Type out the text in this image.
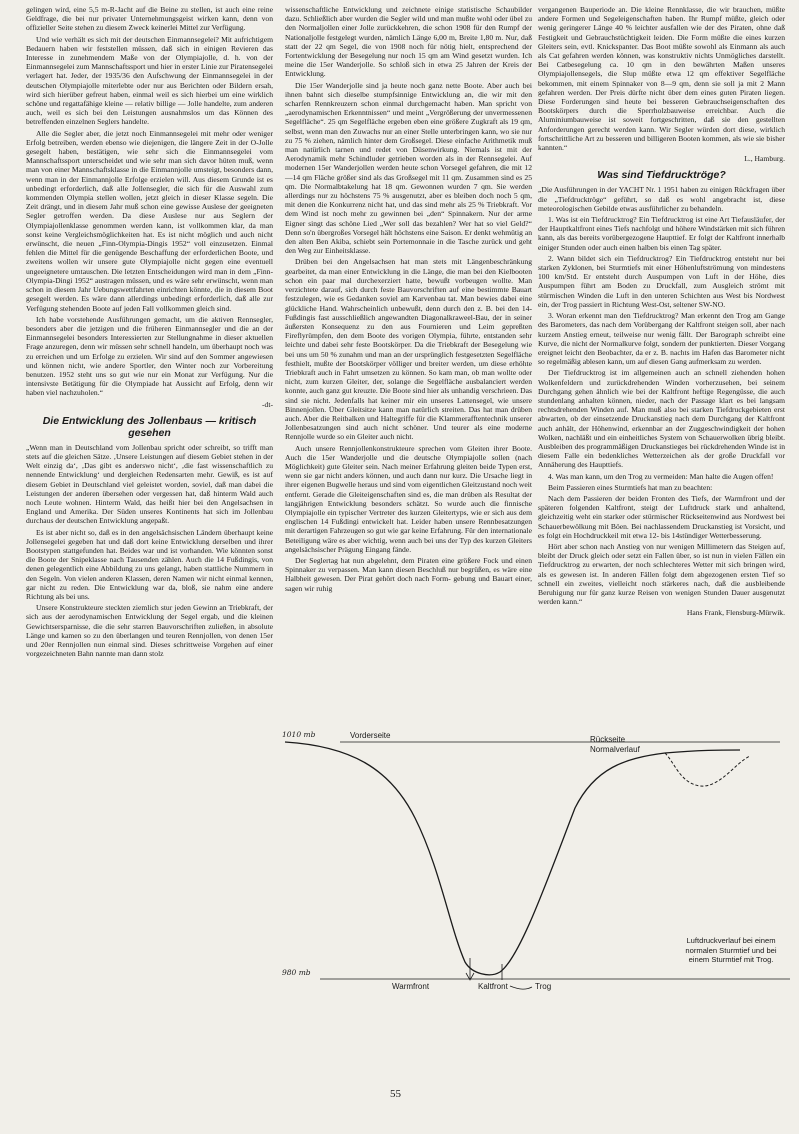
gelingen wird, eine 5,5 m-R-Jacht auf die Beine zu stellen, ist auch eine reine Geldfrage, die bei nur privater Unternehmungsgeist wirken kann, denn von offizieller Seite stehen zu diesem Zweck keinerlei Mittel zur Verfügung.

Und wie verhält es sich mit der deutschen Einmannsegelei? Mit aufrichtigem Bedauern haben wir feststellen müssen, daß sich in einigen Revieren das Interesse in zunehmendem Maße von der Olympiajolle, d. h. von der Einmannsegelei zum Mannschaftssport und hier in erster Linie zur Piratensegelei verlagert hat. Jeder, der 1935/36 den Aufschwung der Einmannsegelei in der deutschen Olympiajolle miterlebte oder nur aus Berichten oder Bildern ersah, wird sich hierüber gefreut haben, einmal weil es sich hierbei um eine wirklich schöne und regattafähige kleine — relativ billige — Jolle handelte, zum anderen auch, weil es sich bei den Leistungen ausnahmslos um das Können des betreffenden einzelnen Seglers handelte.

Alle die Segler aber, die jetzt noch Einmannsegelei mit mehr oder weniger Erfolg betreiben, werden ebenso wie diejenigen, die längere Zeit in der O-Jolle gesegelt haben, bestätigen, wie sehr sich die Einmannsegelei vom Mannschaftssport unterscheidet und wie sehr man sich davor hüten muß, wenn man von einer Mannschaftsklasse in die Einmannjolle umsteigt, besonders dann, wenn man in der Einmannjolle Erfolge erzielen will. Aus diesem Grunde ist es unbedingt erforderlich, daß alle Jollensegler, die sich für die Auswahl zum kommenden Olympia stellen wollen, jetzt gleich in dieser Klasse segeln. Die Zeit drängt, und in diesem Jahr muß schon eine gewisse Auslese der geeigneten Segler getroffen werden. Da diese Auslese nur aus Seglern der Olympiajollenklasse genommen werden kann, ist vollkommen klar, da man sonst keine Vergleichsmöglichkeiten hat. Es ist nicht möglich und auch nicht erwünscht, die neuen „Finn-Olympia-Dingis 1952“ voll einzusetzen. Einmal fehlen die Mittel für die genügende Beschaffung der erforderlichen Boote, und zweitens wollen wir unsere gute Olympiajolle nicht gegen eine eventuell ungeeignetere umtauschen. Die letzten Entscheidungen wird man in dem „Finn-Olympia-Dingi 1952“ austragen müssen, und es wäre sehr erwünscht, wenn man schon in diesem Jahr Uebungswettfahrten einrichten könnte, die in diesem Boot gesegelt werden. Es wäre dann allerdings unbedingt erforderlich, daß alle zur Verfügung stehenden Boote auf jeden Fall vollkommen gleich sind.

Ich habe vorstehende Ausführungen gemacht, um die aktiven Rennsegler, besonders aber die jetzigen und die früheren Einmannsegler und die an der Einmannsegelei besonders Interessierten zur Stellungnahme in dieser aktuellen Frage anzuregen, denn wir müssen sehr schnell handeln, um überhaupt noch was zu erreichen und um Erfolge zu erzielen. Wir sind auf den Sommer angewiesen und können nicht, wie andere Sportler, den Winter noch zur Vorbereitung benutzen. 1952 steht uns so gut wie nur ein Monat zur Verfügung. Nur die intensivste Betätigung für die Olympiade hat Aussicht auf Erfolg, denn wir haben viel nachzuholen.“

-dt-
Die Entwicklung des Jollenbaus — kritisch gesehen

„Wenn man in Deutschland vom Jollenbau spricht oder schreibt, so trifft man stets auf die gleichen Sätze. ‚Unsere Leistungen auf diesem Gebiet stehen in der Welt einzig da‘, ‚Das gibt es anderswo nicht‘, ‚die fast wissenschaftlich zu nennende Entwicklung‘ und dergleichen Redensarten mehr. Gewiß, es ist auf diesem Gebiet in Deutschland viel geleistet worden, soviel, daß man dabei die Leistungen der anderen übersehen oder vergessen hat, daß hinterm Wald auch noch Leute wohnen. Hinterm Wald, das heißt hier bei den Angelsachsen in England und Amerika. Der Süden unseres Kontinents hat sich im Jollenbau durchaus der deutschen Entwicklung angepaßt.

Es ist aber nicht so, daß es in den angelsächsischen Ländern überhaupt keine Jollensegelei gegeben hat und daß dort keine Entwicklung derselben und ihrer Bootstypen stattgefunden hat. Beides war und ist vorhanden. Wie könnten sonst die Boote der Snipeklasse nach Tausenden zählen. Auch die 14 Fußdingis, von denen gelegentlich eine Abbildung zu uns gelangt, haben stattliche Nummern in den Segeln. Von vielen anderen Klassen, deren Namen wir nicht einmal kennen, gar nicht zu reden. Die Entwicklung war da, bloß, sie nahm eine andere Richtung als bei uns.

Unsere Konstrukteure steckten ziemlich stur jeden Gewinn an Triebkraft, der sich aus der aerodynamischen Entwicklung der Segel ergab, und die kleinen Gewichtsersparnisse, die die sehr starren Bauvorschriften zuließen, in absolute Länge und kamen so zu den überlangen und teuren Rennjollen, von denen 15er und 20er Rennjollen nun einmal sind. Dieses schrittweise Vorgehen auf einer vorgezeichneten Bahn nannte man dann stolz

wissenschaftliche Entwicklung und zeichnete einige statistische Schaubilder dazu. Schließlich aber wurden die Segler wild und man mußte wohl oder übel zu den Normaljollen einer Jolle zurückkehren, die schon 1908 für den Rumpf der Nationaljolle festgelegt wurden, nämlich Länge 6,00 m, Breite 1,80 m. Nur, daß statt der 22 qm Segel, die von 1908 noch für nötig hielt, entsprechend der Fortentwicklung der Besegelung nur noch 15 qm am Wind gesetzt wurden. Ich meine die 15er Wanderjolle. So schloß sich in etwa 25 Jahren der Kreis der Entwicklung.

Die 15er Wanderjolle sind ja heute noch ganz nette Boote. Aber auch bei ihnen bahnt sich dieselbe stumpfsinnige Entwicklung an, die wir mit den scharfen Rennkreuzern schon einmal durchgemacht haben. Man spricht von „aerodynamischen Erkenntnissen“ und meint „Vergrößerung der unvermessenen Segelfläche“. 25 qm Segelfläche ergeben eben eine größere Zugkraft als 19 qm, selbst, wenn man den Zuwachs nur an einer Stelle unterbringen kann, wo sie nur zu 75 % ziehen, nämlich hinter dem Großsegel. Diese einfache Arithmetik muß man natürlich tarnen und redet von Düsenwirkung. Niemals ist mit der Aerodynamik mehr Schindluder getrieben worden als in der Rennsegelei. Auf modernen 15er Wanderjollen werden heute schon Vorsegel gefahren, die mit 12—14 qm Fläche größer sind als das Großsegel mit 11 qm. Zusammen sind es 25 qm. Die Normalbtakelung hat 18 qm. Gewonnen wurden 7 qm. Sie werden allerdings nur zu höchstens 75 % ausgenutzt, aber es bleiben doch noch 5 qm, mit denen die Konkurrenz nicht hat, und das sind mehr als 25 % Triebkraft. Vor dem Wind ist noch mehr zu gewinnen bei „den“ Spinnakern. Nur der arme Eigner singt das schöne Lied „Wer soll das bezahlen? Wer hat so viel Geld?“ Denn so'n übergroßes Vorsegel hält höchstens eine Saison. Er denkt wehmütig an den alten Ben Akiba, schiebt sein Portemonnaie in die Tasche zurück und geht den Weg zur Einheitsklasse.

Drüben bei den Angelsachsen hat man stets mit Längenbeschränkung gearbeitet, da man einer Entwicklung in die Länge, die man bei den Kielbooten schon ein paar mal durchexerziert hatte, bewußt vorbeugen wollte. Man verzichtete darauf, sich durch feste Bauvorschriften auf eine bestimmte Bauart festzulegen, wie es Gedanken soviel am Karvenbau tat. Man bewies dabei eine glückliche Hand. Wahrscheinlich unbewußt, denn durch den z. B. bei den 14-Fußdingis fast ausschließlich angewandten Diagonalkraweel-Bau, der in seiner äußersten Konsequenz zu den aus Fournieren und Leim gepreßten Fireflyrümpfen, den dem Boote des vorigen Olympia, führte, entstanden sehr leichte und dabei sehr feste Bootskörper. Da die Triebkraft der Besegelung wie bei uns um 50 % zunahm und man an der ursprünglich festgesetzten Segelfläche festhielt, mußte der Bootskörper völliger und breiter werden, um diese erhöhte Triebkraft auch in Fahrt umsetzen zu können. So kam man, ob man wollte oder nicht, zum kurzen Gleiter, der, solange die Segelfläche ausbalanciert werden konnte, auch ganz gut kreuzte. Die Boote sind hier als unhandig verschrieen. Das sind sie nicht. Jedenfalls hat keiner mir ein unseres Lattensegel, wie unsere Binnenjollen. Über Gleitsitze kann man natürlich streiten. Das hat man drüben auch. Aber die Reitbalken und Haltegriffe für die Klammerafftentechnik unserer Jollenbesatzungen sind auch nicht schöner. Und teurer als eine moderne Rennjolle wurde so ein Gleiter auch nicht.

Auch unsere Rennjollenkonstrukteure sprechen vom Gleiten ihrer Boote. Auch die 15er Wanderjolle und die deutsche Olympiajolle sollen (nach Möglichkeit) gute Gleiter sein. Nach meiner Erfahrung gleiten beide Typen erst, wenn sie gar nicht anders können, und auch dann nur kurz. Die Ursache liegt in ihrer eigenen Bugwelle heraus und sind vom eigentlichen Gleitzustand noch weit entfernt. Gerade die Gleiteigenschaften sind es, die man drüben als Resultat der langjährigen Entwicklung besonders schätzt. So wurde auch die finnische Olympiajolle ein typischer Vertreter des kurzen Gleitertyps, wie er sich aus dem englischen 14 Fußdingi entwickelt hat. Leider haben unsere Rennbesatzungen mit derartigen Fahrzeugen so gut wie gar keine Erfahrung. Für den internationale Beteiligung wäre es aber wichtig, wenn auch bei uns der Typ des kurzen Gleiters angelsächsischer Prägung Eingang fände.

Der Seglertag hat nun abgelehnt, dem Piraten eine größere Fock und einen Spinnaker zu verpassen. Man kann diesen Beschluß nur begrüßen, es wäre eine Halbheit gewesen. Der Pirat gehört doch nach Form- gebung und Bauart einer, sagen wir ruhig

vergangenen Bauperiode an. Die kleine Rennklasse, die wir brauchen, müßte andere Formen und Segeleigenschaften haben. Ihr Rumpf müßte, gleich oder wenig geringerer Länge 40 % leichter ausfallen wie der des Piraten, ohne daß Festigkeit und Gebrauchstüchtigkeit leiden. Die Form müßte die eines kurzen Gleiters sein, evtl. Knickspanter. Das Boot müßte sowohl als Einmann als auch als Cat gefahren werden können, was konstruktiv nichts Unmögliches darstellt. Bei Catbesegelung ca. 10 qm in den bewährten Maßen unseres Olympiajollensegels, die Slup müßte etwa 12 qm effektiver Segelfläche bekommen, mit einem Spinnaker von 8—9 qm, denn sie soll ja mit 2 Mann gefahren werden. Der Preis dürfte nicht über dem eines guten Piraten liegen. Diese Forderungen sind heute bei besseren Gebrauchseigenschaften des Bootskörpers durch die Sperrholzbauweise erreichbar. Auch die Aluminiumbauweise ist soweit fortgeschritten, daß sie den gestellten Anforderungen gerecht werden kann. Wir Segler würden dort diese, wirklich fortschrittliche Art zu besseren und billigeren Booten kommen, als wie sie bisher kannten.“

L., Hamburg.
Was sind Tiefdrucktröge?

„Die Ausführungen in der YACHT Nr. 1 1951 haben zu einigen Rückfragen über die „Tiefdrucktröge“ geführt, so daß es wohl angebracht ist, diese meteorologischen Gebilde etwas ausführlicher zu behandeln.

1. Was ist ein Tiefdrucktrog? Ein Tiefdrucktrog ist eine Art Tiefausläufer, der der Hauptkaltfront eines Tiefs nachfolgt und höhere Windstärken mit sich führen kann, als das bereits vorübergezogene Haupttief. Er folgt der Kaltfront innerhalb einiger Stunden oder auch einen halben bis einen Tag später.

2. Wann bildet sich ein Tiefdrucktrog? Ein Tiefdrucktrog entsteht nur bei starken Zyklonen, bei Sturmtiefs mit einer Höhenluftströmung von mindestens 100 km/Std. Er entsteht durch Auspumpen von Luft in der Höhe, dies Auspumpen führt am Boden zu Druckfall, zum Ausgleich strömt mit stürmischen Winden die Luft in den unteren Schichten aus West bis Nordwest ein, der Trog passiert in Richtung West-Ost, seltener SW-NO.

3. Woran erkennt man den Tiefdrucktrog? Man erkennt den Trog am Gange des Barometers, das nach dem Vorübergang der Kaltfront steigen soll, aber nach kurzem Anstieg erneut, teilweise nur wenig fällt. Der Barograph schreibt eine Kurve, die nicht der Normalkurve folgt, sondern der punktierten. Dieser Vorgang ereignet leicht den Beobachter, da er z. B. nachts im Hafen das Barometer nicht so regelmäßig ablesen kann, um auf diesen Gang aufmerksam zu werden.

Der Tiefdrucktrog ist im allgemeinen auch an schnell ziehenden hohen Wolkenfeldern und zurückdrehenden Winden vorherzusehen, bei seinem Durchgang gehen ähnlich wie bei der Kaltfront heftige Regengüsse, die auch stundenlang anhalten können, nieder, nach der Passage klart es bei langsam rechtsdrehenden Winden auf. Man muß also bei starken Tiefdruckgebieten erst abwarten, ob der einsetzende Druckanstieg nach dem Durchgang der Kaltfront auch anhält, der Höhenwind, erkennbar an der Zuggeschwindigkeit der hohen Wolken, nachläßt und ein einheitliches System von Schauerwolken übrig bleibt. Ausbleiben des programmäßigen Druckanstieges bei rückdrehenden Winde ist in diesem Falle ein bedenkliches Wetterzeichen als der große Druckfall vor Annäherung des Haupttiefs.

4. Was man kann, um den Trog zu vermeiden: Man halte die Augen offen!

Beim Passieren eines Sturmtiefs hat man zu beachten:

Nach dem Passieren der beiden Fronten des Tiefs, der Warmfront und der späteren folgenden Kaltfront, steigt der Luftdruck stark und anhaltend, gleichzeitig weht ein starker oder stürmischer Rückseitenwind aus Nordwest bei Schauerbewölkung mit Böen. Bei nachlassendem Druckanstieg ist Vorsicht, und es folgt ein Hochdruckkeil mit etwa 12- bis 14stündiger Wetterbesserung.

Hört aber schon nach Anstieg von nur wenigen Millimetern das Steigen auf, bleibt der Druck gleich oder setzt ein Fallen über, so ist nun in vielen Fällen ein Tiefdrucktrog zu erwarten, der noch schlechteres Wetter mit sich bringen wird, als es gewesen ist. In anderen Fällen folgt dem abgezogenen ersten Tief so schnell ein zweites, vielleicht noch stärkeres nach, daß die ausbleibende Beruhigung nur für ganz kurze Reisen von wenigen Stunden Dauer ausgenutzt werden kann.“

Hans Frank, Flensburg-Mürwik.
1010 mb
980 mb
Vorderseite	Rückseite
Normalverlauf
Warmfront	Kaltfront	Trog
Luftdruckverlauf bei einem normalen Sturmtief und bei einem Sturmtief mit Trog.
55
